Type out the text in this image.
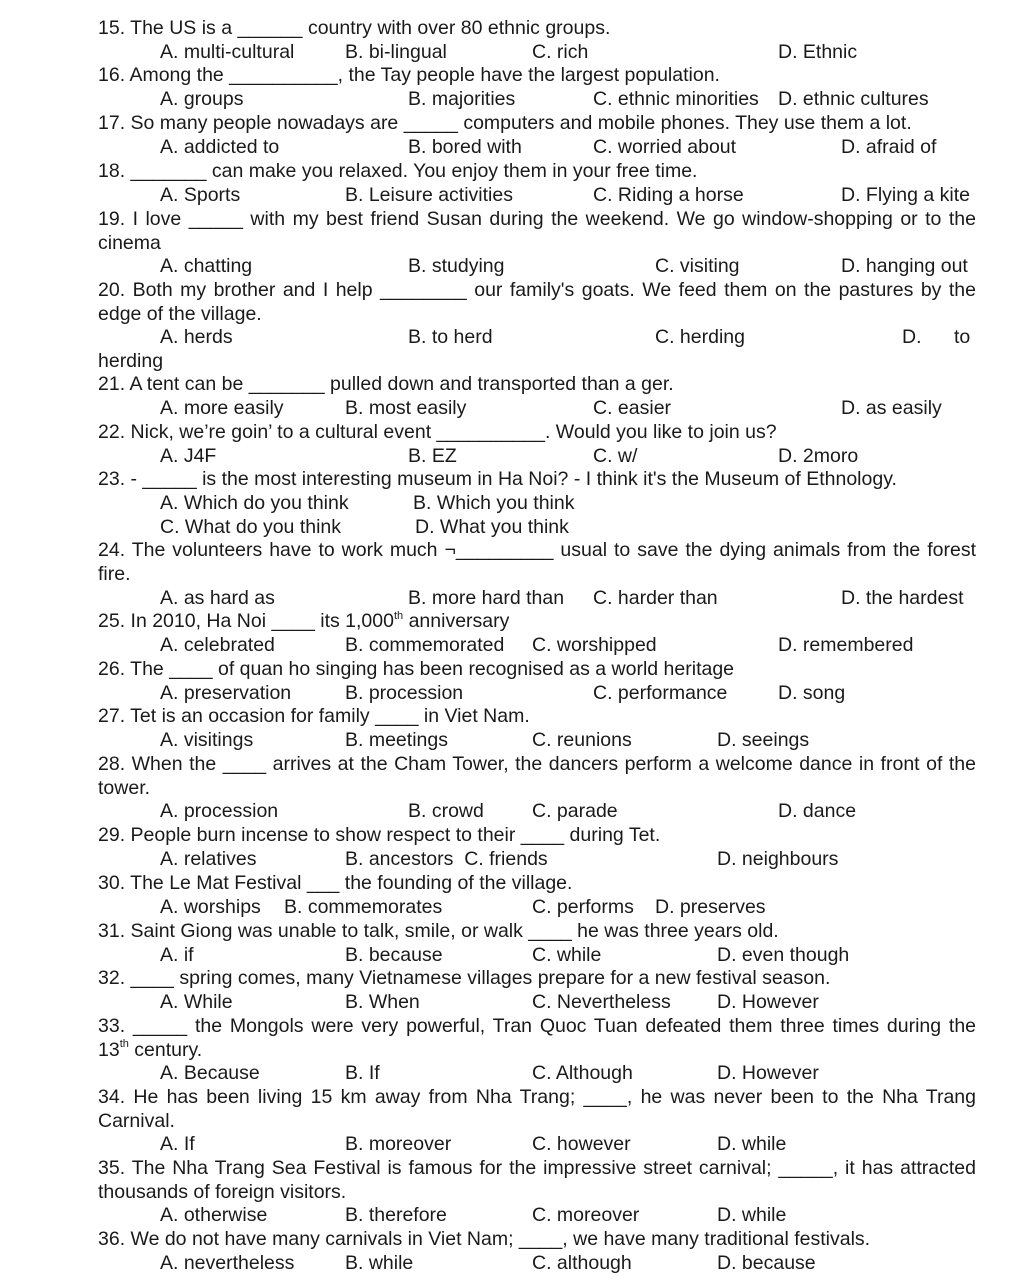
15. The US is a ______ country with over 80 ethnic groups.
A. multi-cultural	B. bi-lingual	C. rich	D. Ethnic
16. Among the __________, the Tay people have the largest population.
A. groups	B. majorities	C. ethnic minorities D. ethnic cultures
17. So many people nowadays are _____ computers and mobile phones. They use them a lot.
A. addicted to	B. bored with	C. worried about	D. afraid of
18. _______ can make you relaxed. You enjoy them in your free time.
A. Sports	B. Leisure activities	C. Riding a horse	D. Flying a kite
19. I love _____ with my best friend Susan during the weekend. We go window-shopping or to the cinema
A. chatting	B. studying	C. visiting	D. hanging out
20. Both my brother and I help ________ our family's goats. We feed them on the pastures by the edge of the village.
A. herds	B. to herd	C. herding	D.      to
herding
21. A tent can be _______ pulled down and transported than a ger.
A. more easily	B. most easily	C. easier	D. as easily
22. Nick, we’re goin’ to a cultural event __________. Would you like to join us?
A. J4F	B. EZ	C. w/	D. 2moro
23. - _____ is the most interesting museum in Ha Noi? - I think it's the Museum of Ethnology.
A. Which do you think	B. Which you think
C. What do you think	D. What you think
24. The volunteers have to work much ¬_________ usual to save the dying animals from the forest fire.
A. as hard as	B. more hard than C. harder than	D. the hardest
25. In 2010, Ha Noi ____ its 1,000th anniversary
A. celebrated	B. commemorated C. worshipped	D. remembered
26. The ____ of quan ho singing has been recognised as a world heritage
A. preservation	B. procession	C. performance	D. song
27. Tet is an occasion for family ____ in Viet Nam.
A. visitings	B. meetings	C. reunions	D. seeings
28. When the ____ arrives at the Cham Tower, the dancers perform a welcome dance in front of the tower.
A. procession	B. crowd C. parade	D. dance
29. People burn incense to show respect to their ____ during Tet.
A. relatives	B. ancestors  C. friends	D. neighbours
30. The Le Mat Festival ___ the founding of the village.
A. worships B. commemorates	C. performs D. preserves
31. Saint Giong was unable to talk, smile, or walk ____ he was three years old.
A. if	B. because	C. while	D. even though
32. ____ spring comes, many Vietnamese villages prepare for a new festival season.
A. While	B. When	C. Nevertheless D. However
33. _____ the Mongols were very powerful, Tran Quoc Tuan defeated them three times during the 13th century.
A. Because	B. If	C. Although	D. However
34. He has been living 15 km away from Nha Trang; ____, he was never been to the Nha Trang Carnival.
A. If	B. moreover	C. however	D. while
35. The Nha Trang Sea Festival is famous for the impressive street carnival; _____, it has attracted thousands of foreign visitors.
A. otherwise	B. therefore	C. moreover	D. while
36. We do not have many carnivals in Viet Nam; ____, we have many traditional festivals.
A. nevertheless	B. while	C. although	D. because
